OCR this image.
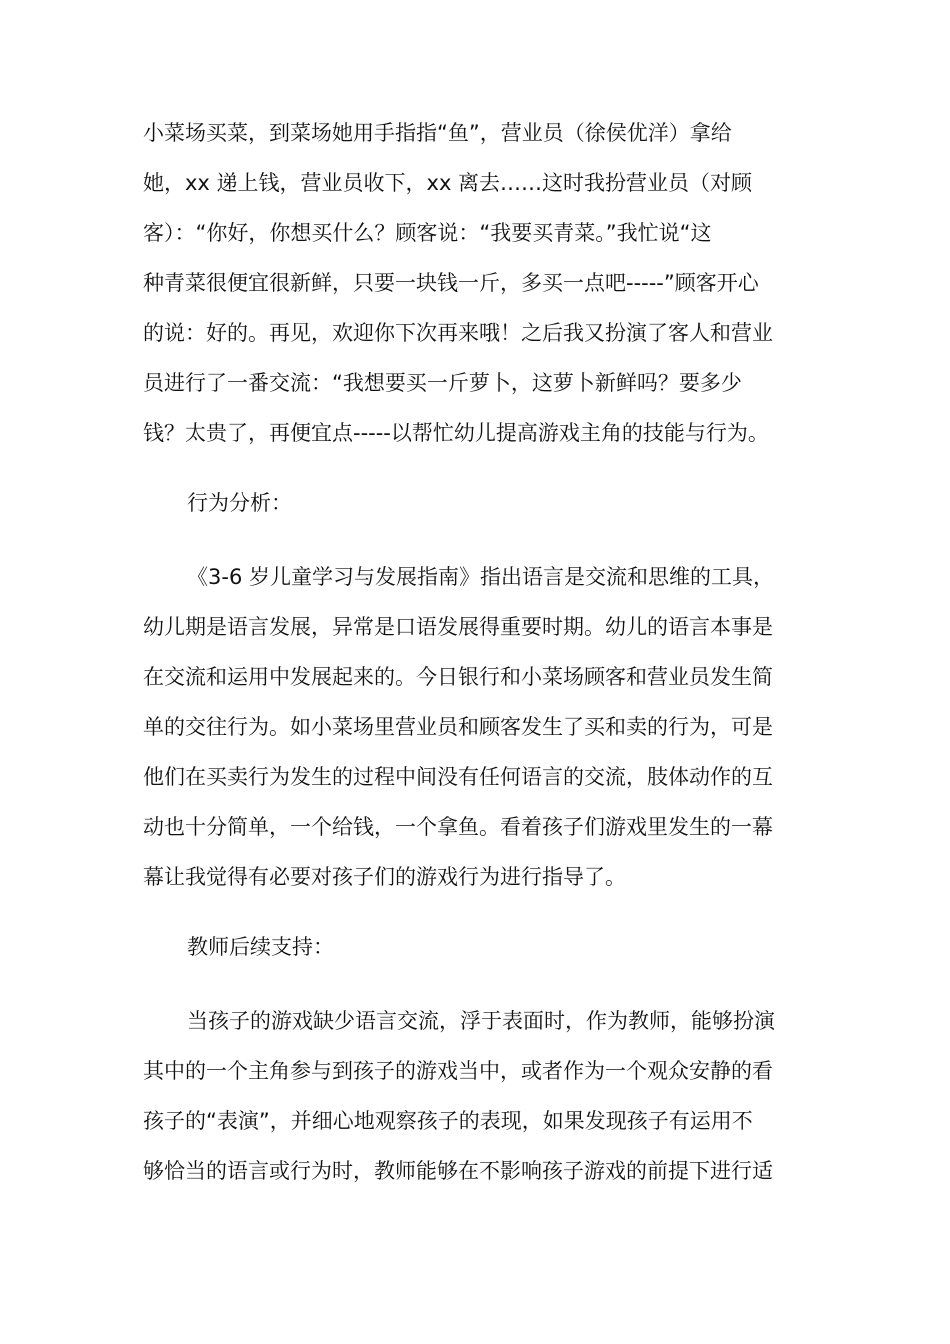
小菜场买菜，到菜场她用手指指“鱼”，营业员（徐侯优洋）拿给
她，xx 递上钱，营业员收下，xx 离去……这时我扮营业员（对顾
客）：“你好，你想买什么？顾客说：“我要买青菜。”我忙说“这
种青菜很便宜很新鲜，只要一块钱一斤，多买一点吧-----”顾客开心
的说：好的。再见，欢迎你下次再来哦！之后我又扮演了客人和营业
员进行了一番交流：“我想要买一斤萝卜，这萝卜新鲜吗？要多少
钱？太贵了，再便宜点-----以帮忙幼儿提高游戏主角的技能与行为。
行为分析：
《3-6 岁儿童学习与发展指南》指出语言是交流和思维的工具，
幼儿期是语言发展，异常是口语发展得重要时期。幼儿的语言本事是
在交流和运用中发展起来的。今日银行和小菜场顾客和营业员发生简
单的交往行为。如小菜场里营业员和顾客发生了买和卖的行为，可是
他们在买卖行为发生的过程中间没有任何语言的交流，肢体动作的互
动也十分简单，一个给钱，一个拿鱼。看着孩子们游戏里发生的一幕
幕让我觉得有必要对孩子们的游戏行为进行指导了。
教师后续支持：
当孩子的游戏缺少语言交流，浮于表面时，作为教师，能够扮演
其中的一个主角参与到孩子的游戏当中，或者作为一个观众安静的看
孩子的“表演”，并细心地观察孩子的表现，如果发现孩子有运用不
够恰当的语言或行为时，教师能够在不影响孩子游戏的前提下进行适
